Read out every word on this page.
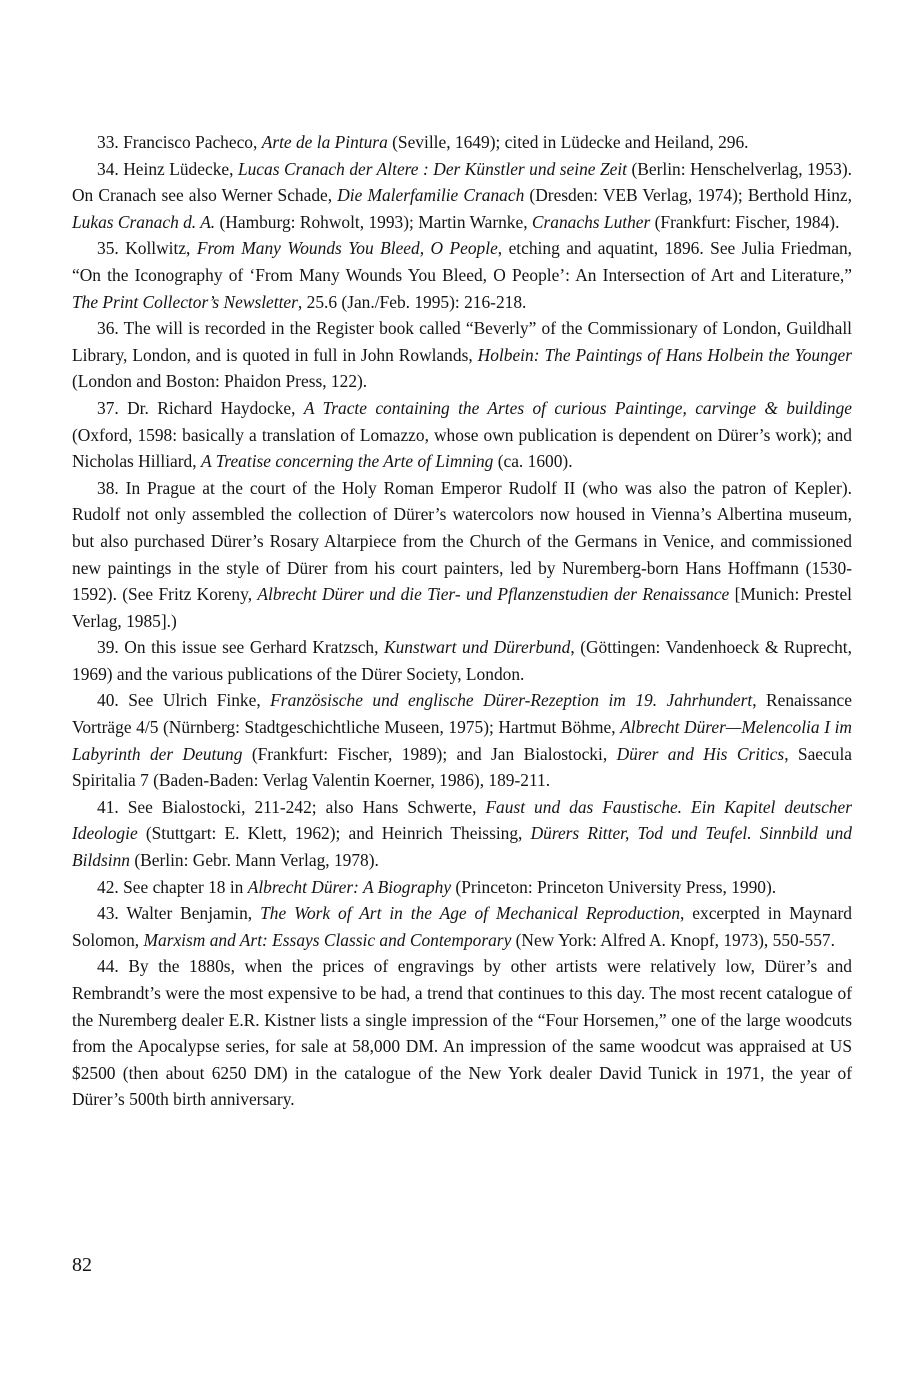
33. Francisco Pacheco, Arte de la Pintura (Seville, 1649); cited in Lüdecke and Heiland, 296.

34. Heinz Lüdecke, Lucas Cranach der Altere : Der Künstler und seine Zeit (Berlin: Henschelverlag, 1953). On Cranach see also Werner Schade, Die Malerfamilie Cranach (Dresden: VEB Verlag, 1974); Berthold Hinz, Lukas Cranach d. A. (Hamburg: Rohwolt, 1993); Martin Warnke, Cranachs Luther (Frankfurt: Fischer, 1984).

35. Kollwitz, From Many Wounds You Bleed, O People, etching and aquatint, 1896. See Julia Friedman, “On the Iconography of ‘From Many Wounds You Bleed, O People’: An Intersection of Art and Literature,” The Print Collector’s Newsletter, 25.6 (Jan./Feb. 1995): 216-218.

36. The will is recorded in the Register book called “Beverly” of the Commissionary of London, Guildhall Library, London, and is quoted in full in John Rowlands, Holbein: The Paintings of Hans Holbein the Younger (London and Boston: Phaidon Press, 122).

37. Dr. Richard Haydocke, A Tracte containing the Artes of curious Paintinge, carvinge & buildinge (Oxford, 1598: basically a translation of Lomazzo, whose own publication is dependent on Dürer’s work); and Nicholas Hilliard, A Treatise concerning the Arte of Limning (ca. 1600).

38. In Prague at the court of the Holy Roman Emperor Rudolf II (who was also the patron of Kepler). Rudolf not only assembled the collection of Dürer’s watercolors now housed in Vienna’s Albertina museum, but also purchased Dürer’s Rosary Altarpiece from the Church of the Germans in Venice, and commissioned new paintings in the style of Dürer from his court painters, led by Nuremberg-born Hans Hoffmann (1530-1592). (See Fritz Koreny, Albrecht Dürer und die Tier- und Pflanzenstudien der Renaissance [Munich: Prestel Verlag, 1985].)

39. On this issue see Gerhard Kratzsch, Kunstwart und Dürerbund, (Göttingen: Vandenhoeck & Ruprecht, 1969) and the various publications of the Dürer Society, London.

40. See Ulrich Finke, Französische und englische Dürer-Rezeption im 19. Jahrhundert, Renaissance Vorträge 4/5 (Nürnberg: Stadtgeschichtliche Museen, 1975); Hartmut Böhme, Albrecht Dürer—Melencolia I im Labyrinth der Deutung (Frankfurt: Fischer, 1989); and Jan Bialostocki, Dürer and His Critics, Saecula Spiritalia 7 (Baden-Baden: Verlag Valentin Koerner, 1986), 189-211.

41. See Bialostocki, 211-242; also Hans Schwerte, Faust und das Faustische. Ein Kapitel deutscher Ideologie (Stuttgart: E. Klett, 1962); and Heinrich Theissing, Dürers Ritter, Tod und Teufel. Sinnbild und Bildsinn (Berlin: Gebr. Mann Verlag, 1978).

42. See chapter 18 in Albrecht Dürer: A Biography (Princeton: Princeton University Press, 1990).

43. Walter Benjamin, The Work of Art in the Age of Mechanical Reproduction, excerpted in Maynard Solomon, Marxism and Art: Essays Classic and Contemporary (New York: Alfred A. Knopf, 1973), 550-557.

44. By the 1880s, when the prices of engravings by other artists were relatively low, Dürer’s and Rembrandt’s were the most expensive to be had, a trend that continues to this day. The most recent catalogue of the Nuremberg dealer E.R. Kistner lists a single impression of the “Four Horsemen,” one of the large woodcuts from the Apocalypse series, for sale at 58,000 DM. An impression of the same woodcut was appraised at US $2500 (then about 6250 DM) in the catalogue of the New York dealer David Tunick in 1971, the year of Dürer’s 500th birth anniversary.

82
